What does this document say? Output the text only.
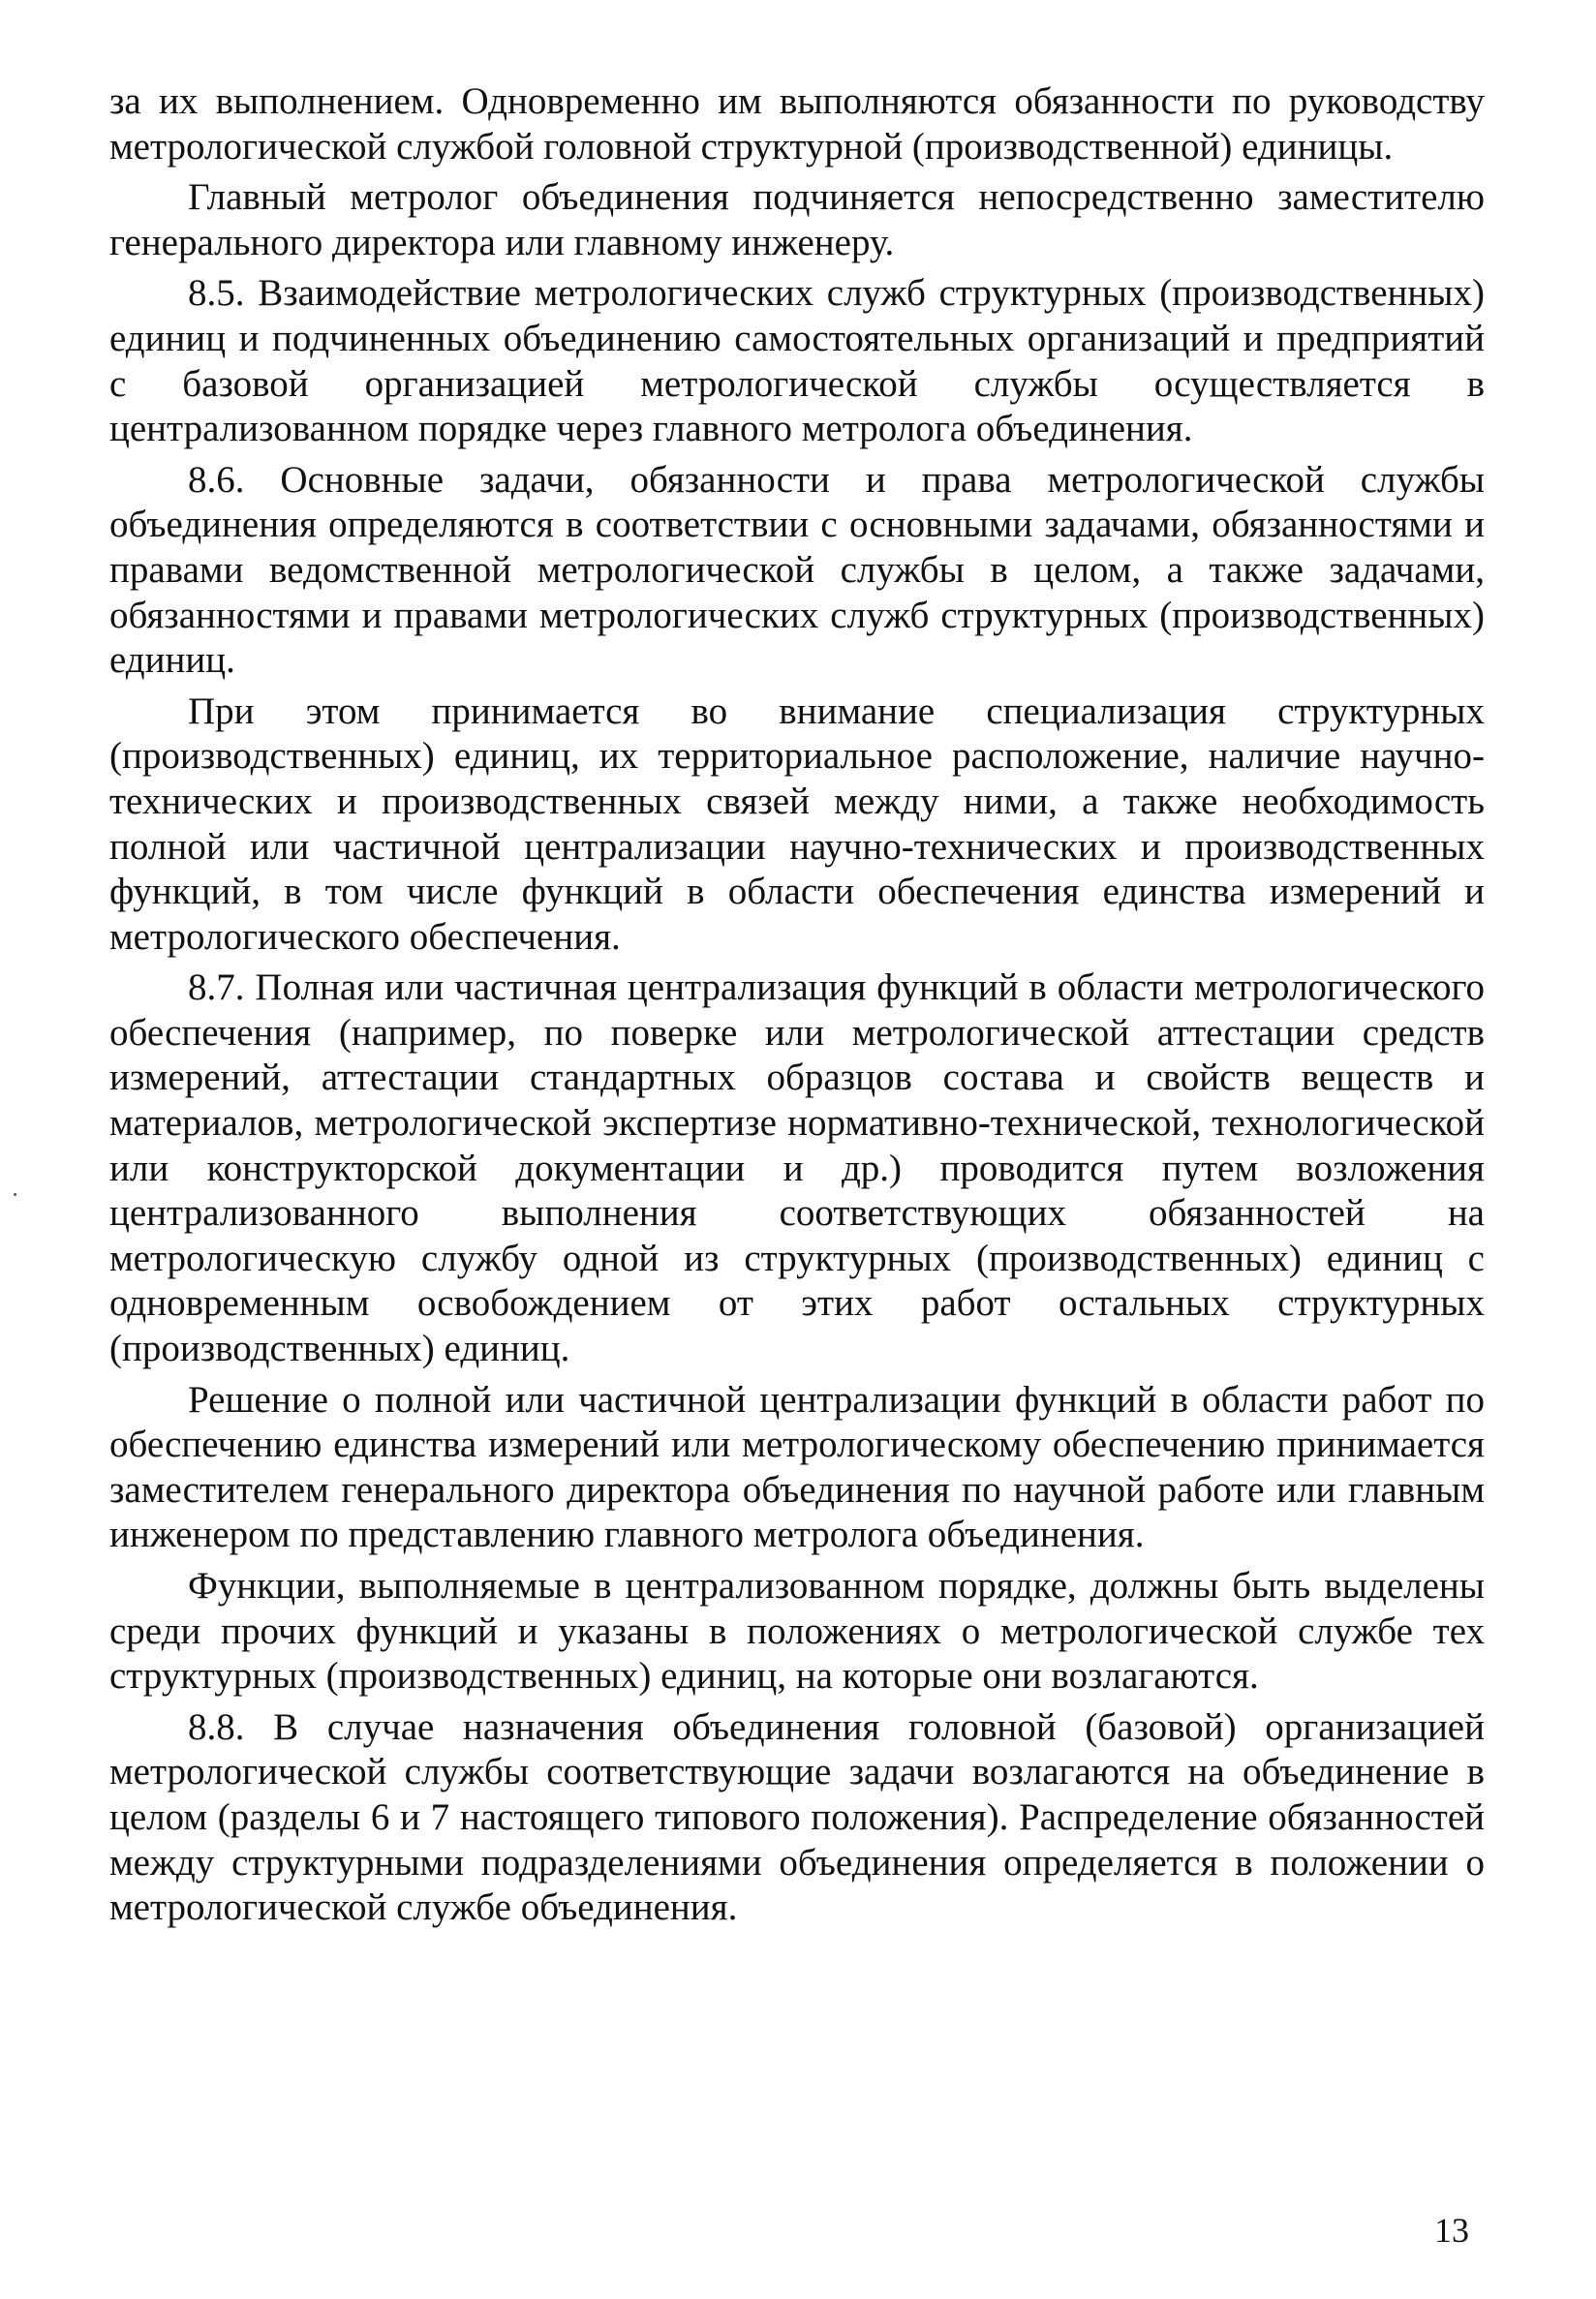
за их выполнением. Одновременно им выполняются обязанности по руководству метрологической службой головной структурной (производственной) единицы.

Главный метролог объединения подчиняется непосредственно заместителю генерального директора или главному инженеру.

8.5. Взаимодействие метрологических служб структурных (производственных) единиц и подчиненных объединению самостоятельных организаций и предприятий с базовой организацией метрологической службы осуществляется в централизованном порядке через главного метролога объединения.

8.6. Основные задачи, обязанности и права метрологической службы объединения определяются в соответствии с основными задачами, обязанностями и правами ведомственной метрологической службы в целом, а также задачами, обязанностями и правами метрологических служб структурных (производственных) единиц.

При этом принимается во внимание специализация структурных (производственных) единиц, их территориальное расположение, наличие научно-технических и производственных связей между ними, а также необходимость полной или частичной централизации научно-технических и производственных функций, в том числе функций в области обеспечения единства измерений и метрологического обеспечения.

8.7. Полная или частичная централизация функций в области метрологического обеспечения (например, по поверке или метрологической аттестации средств измерений, аттестации стандартных образцов состава и свойств веществ и материалов, метрологической экспертизе нормативно-технической, технологической или конструкторской документации и др.) проводится путем возложения централизованного выполнения соответствующих обязанностей на метрологическую службу одной из структурных (производственных) единиц с одновременным освобождением от этих работ остальных структурных (производственных) единиц.

Решение о полной или частичной централизации функций в области работ по обеспечению единства измерений или метрологическому обеспечению принимается заместителем генерального директора объединения по научной работе или главным инженером по представлению главного метролога объединения.

Функции, выполняемые в централизованном порядке, должны быть выделены среди прочих функций и указаны в положениях о метрологической службе тех структурных (производственных) единиц, на которые они возлагаются.

8.8. В случае назначения объединения головной (базовой) организацией метрологической службы соответствующие задачи возлагаются на объединение в целом (разделы 6 и 7 настоящего типового положения). Распределение обязанностей между структурными подразделениями объединения определяется в положении о метрологической службе объединения.

13
